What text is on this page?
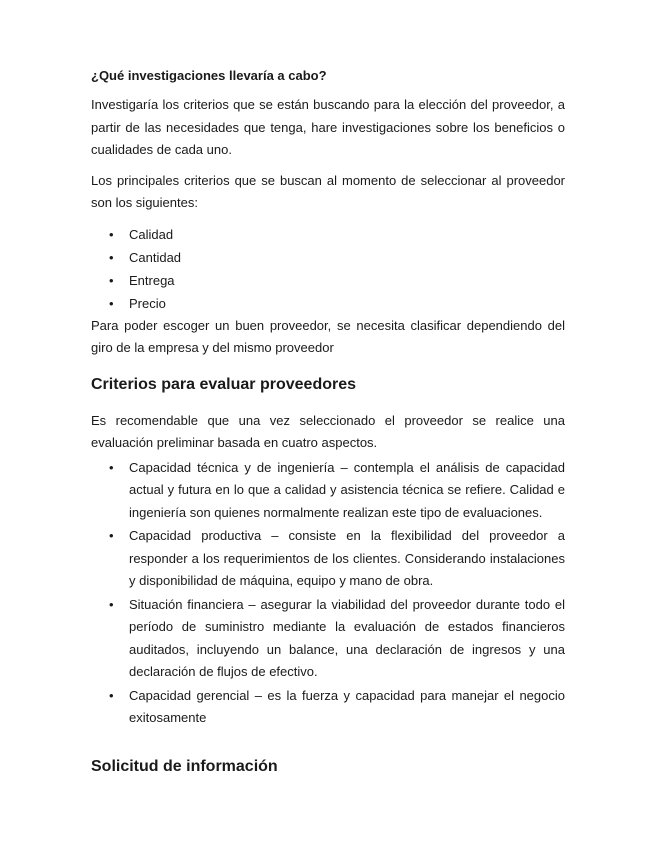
¿Qué investigaciones llevaría a cabo?

Investigaría los criterios que se están buscando para la elección del proveedor, a partir de las necesidades que tenga, hare investigaciones sobre los beneficios o cualidades de cada uno.

Los principales criterios que se buscan al momento de seleccionar al proveedor son los siguientes:

• Calidad
• Cantidad
• Entrega
• Precio

Para poder escoger un buen proveedor, se necesita clasificar dependiendo del giro de la empresa y del mismo proveedor

Criterios para evaluar proveedores

Es recomendable que una vez seleccionado el proveedor se realice una evaluación preliminar basada en cuatro aspectos.

• Capacidad técnica y de ingeniería – contempla el análisis de capacidad actual y futura en lo que a calidad y asistencia técnica se refiere. Calidad e ingeniería son quienes normalmente realizan este tipo de evaluaciones.
• Capacidad productiva – consiste en la flexibilidad del proveedor a responder a los requerimientos de los clientes. Considerando instalaciones y disponibilidad de máquina, equipo y mano de obra.
• Situación financiera – asegurar la viabilidad del proveedor durante todo el período de suministro mediante la evaluación de estados financieros auditados, incluyendo un balance, una declaración de ingresos y una declaración de flujos de efectivo.
• Capacidad gerencial – es la fuerza y capacidad para manejar el negocio exitosamente
Solicitud de información
